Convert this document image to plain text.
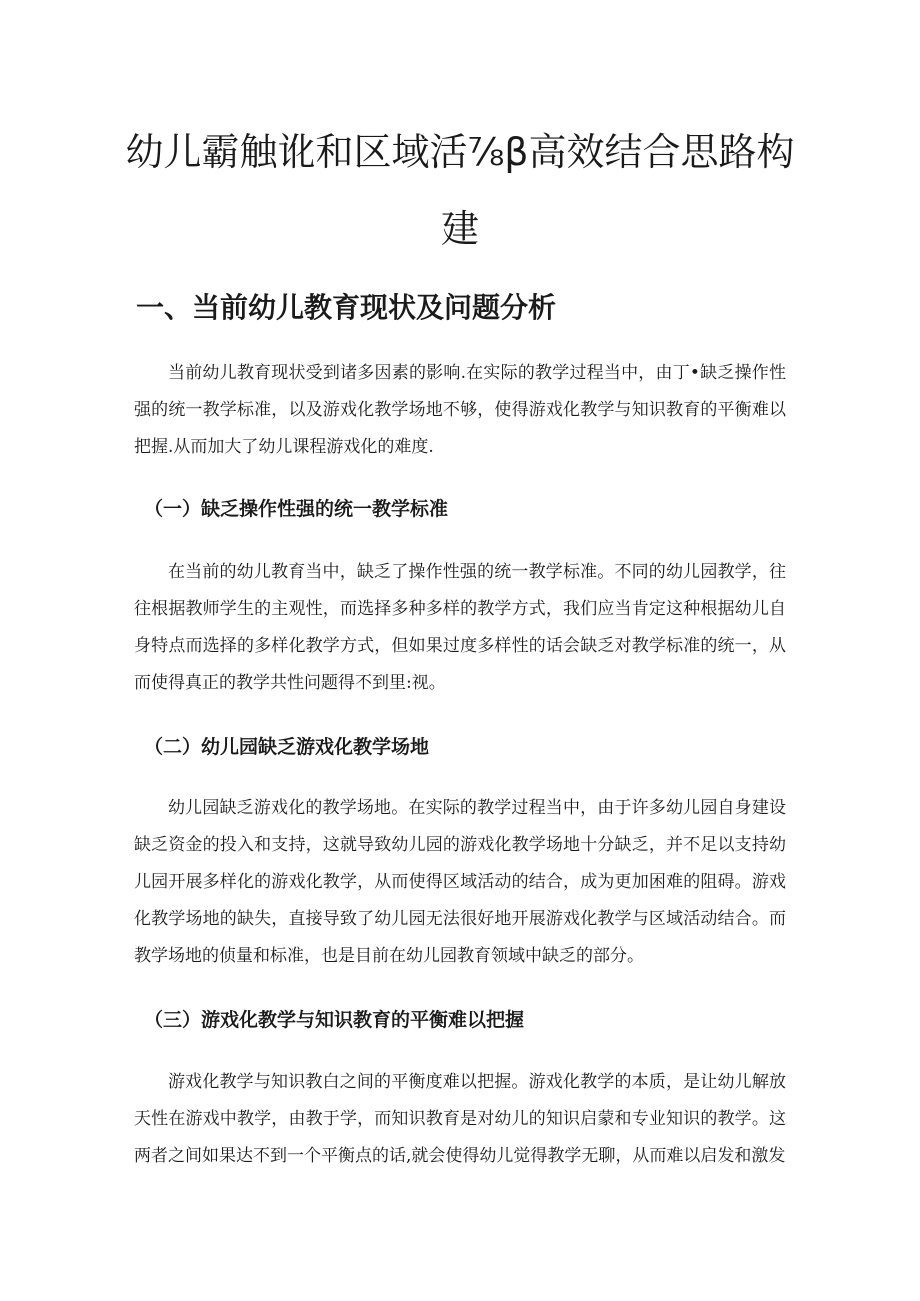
幼儿霸触讹和区域活⅞β高效结合思路构
建
一、当前幼儿教育现状及问题分析

当前幼儿教育现状受到诸多因素的影响.在实际的教学过程当中，由丁•缺乏操作性强的统一教学标准，以及游戏化教学场地不够，使得游戏化教学与知识教育的平衡难以把握.从而加大了幼儿课程游戏化的难度.

（一）缺乏操作性强的统一教学标准

在当前的幼儿教育当中，缺乏了操作性强的统一教学标准。不同的幼儿园教学，往往根据教师学生的主观性，而选择多种多样的教学方式，我们应当肯定这种根据幼儿自身特点而选择的多样化教学方式，但如果过度多样性的话会缺乏对教学标准的统一，从而使得真正的教学共性问题得不到里:视。

（二）幼儿园缺乏游戏化教学场地

幼儿园缺乏游戏化的教学场地。在实际的教学过程当中，由于许多幼儿园自身建设缺乏资金的投入和支持，这就导致幼儿园的游戏化教学场地十分缺乏，并不足以支持幼儿园开展多样化的游戏化教学，从而使得区域活动的结合，成为更加困难的阻碍。游戏化教学场地的缺失，直接导致了幼儿园无法很好地开展游戏化教学与区域活动结合。而教学场地的侦量和标准，也是目前在幼儿园教育领域中缺乏的部分。

（三）游戏化教学与知识教育的平衡难以把握

游戏化教学与知识教白之间的平衡度难以把握。游戏化教学的本质，是让幼儿解放天性在游戏中教学，由教于学，而知识教育是对幼儿的知识启蒙和专业知识的教学。这两者之间如果达不到一个平衡点的话,就会使得幼儿觉得教学无聊，从而难以启发和激发
